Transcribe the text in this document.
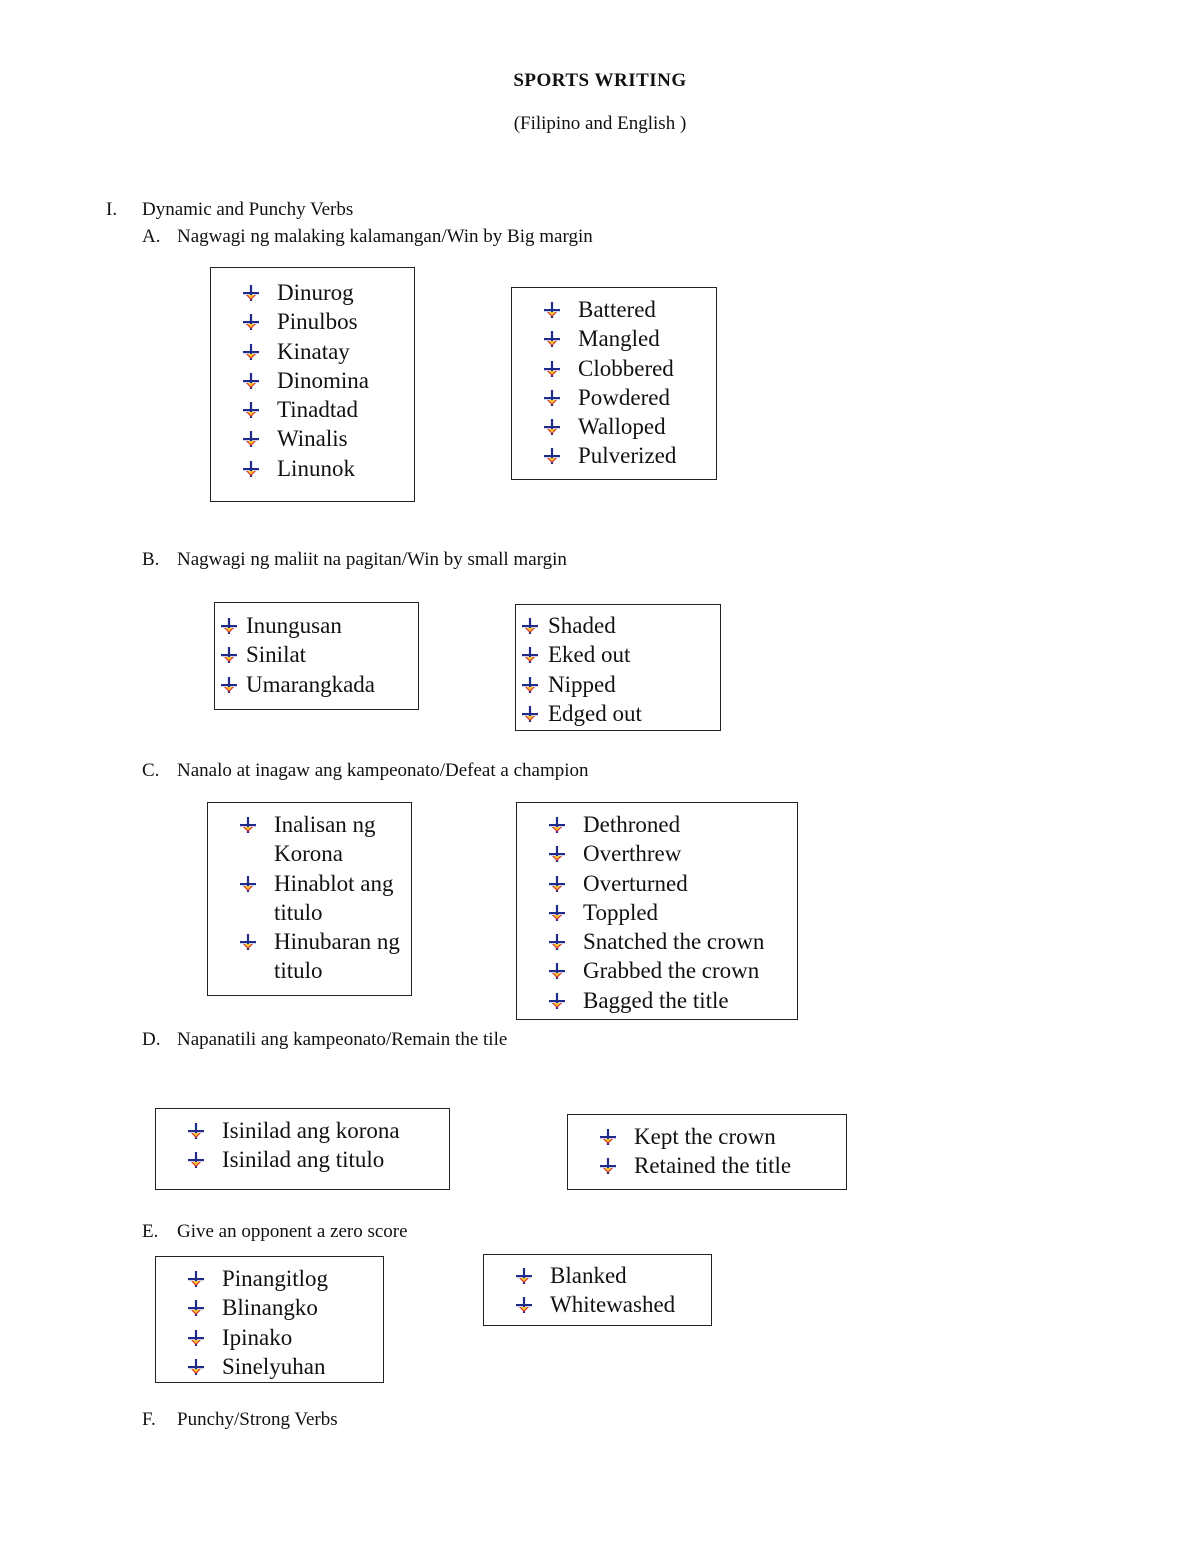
SPORTS WRITING
(Filipino and English )
I. Dynamic and Punchy Verbs
A. Nagwagi ng malaking kalamangan/Win by Big margin
B. Nagwagi ng maliit na pagitan/Win by small margin
C. Nanalo at inagaw ang kampeonato/Defeat a champion
D. Napanatili ang kampeonato/Remain the tile
E. Give an opponent a zero score
F. Punchy/Strong Verbs
Dinurog
Pinulbos
Kinatay
Dinomina
Tinadtad
Winalis
Linunok
Battered
Mangled
Clobbered
Powdered
Walloped
Pulverized
Inungusan
Sinilat
Umarangkada
Shaded
Eked out
Nipped
Edged out
Inalisan ng Korona
Hinablot ang titulo
Hinubaran ng titulo
Dethroned
Overthrew
Overturned
Toppled
Snatched the crown
Grabbed the crown
Bagged the title
Isinilad ang korona
Isinilad ang titulo
Kept the crown
Retained the title
Pinangitlog
Blinangko
Ipinako
Sinelyuhan
Blanked
Whitewashed
